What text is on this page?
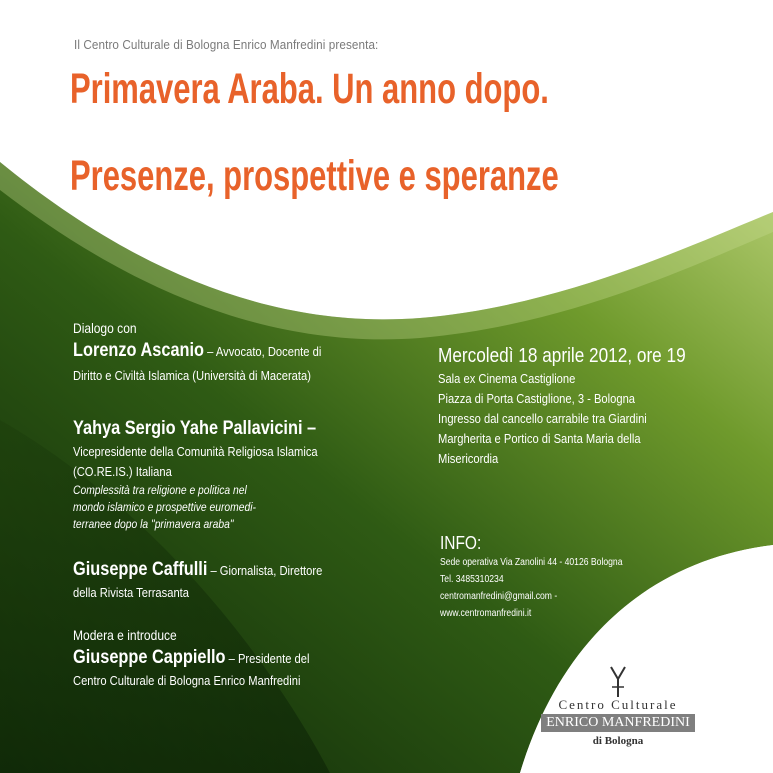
Il Centro Culturale di Bologna Enrico Manfredini presenta:
Primavera Araba. Un anno dopo.
Presenze, prospettive e speranze
Dialogo con
Lorenzo Ascanio – Avvocato, Docente di
Diritto e Civiltà Islamica (Università di Macerata)
Yahya Sergio Yahe Pallavicini –
Vicepresidente della Comunità Religiosa Islamica
(CO.RE.IS.) Italiana
Complessità tra religione e politica nel
mondo islamico e prospettive euromedi-
terranee dopo la "primavera araba"
Giuseppe Caffulli – Giornalista, Direttore
della Rivista Terrasanta
Modera e introduce
Giuseppe Cappiello – Presidente del
Centro Culturale di Bologna Enrico Manfredini
Mercoledì 18 aprile 2012, ore 19
Sala ex Cinema Castiglione
Piazza di Porta Castiglione, 3 - Bologna
Ingresso dal cancello carrabile tra Giardini
Margherita e Portico di Santa Maria della
Misericordia
INFO:
Sede operativa Via Zanolini 44 - 40126 Bologna
Tel. 3485310234
centromanfredini@gmail.com -
www.centromanfredini.it
Centro Culturale
ENRICO MANFREDINI
di Bologna
